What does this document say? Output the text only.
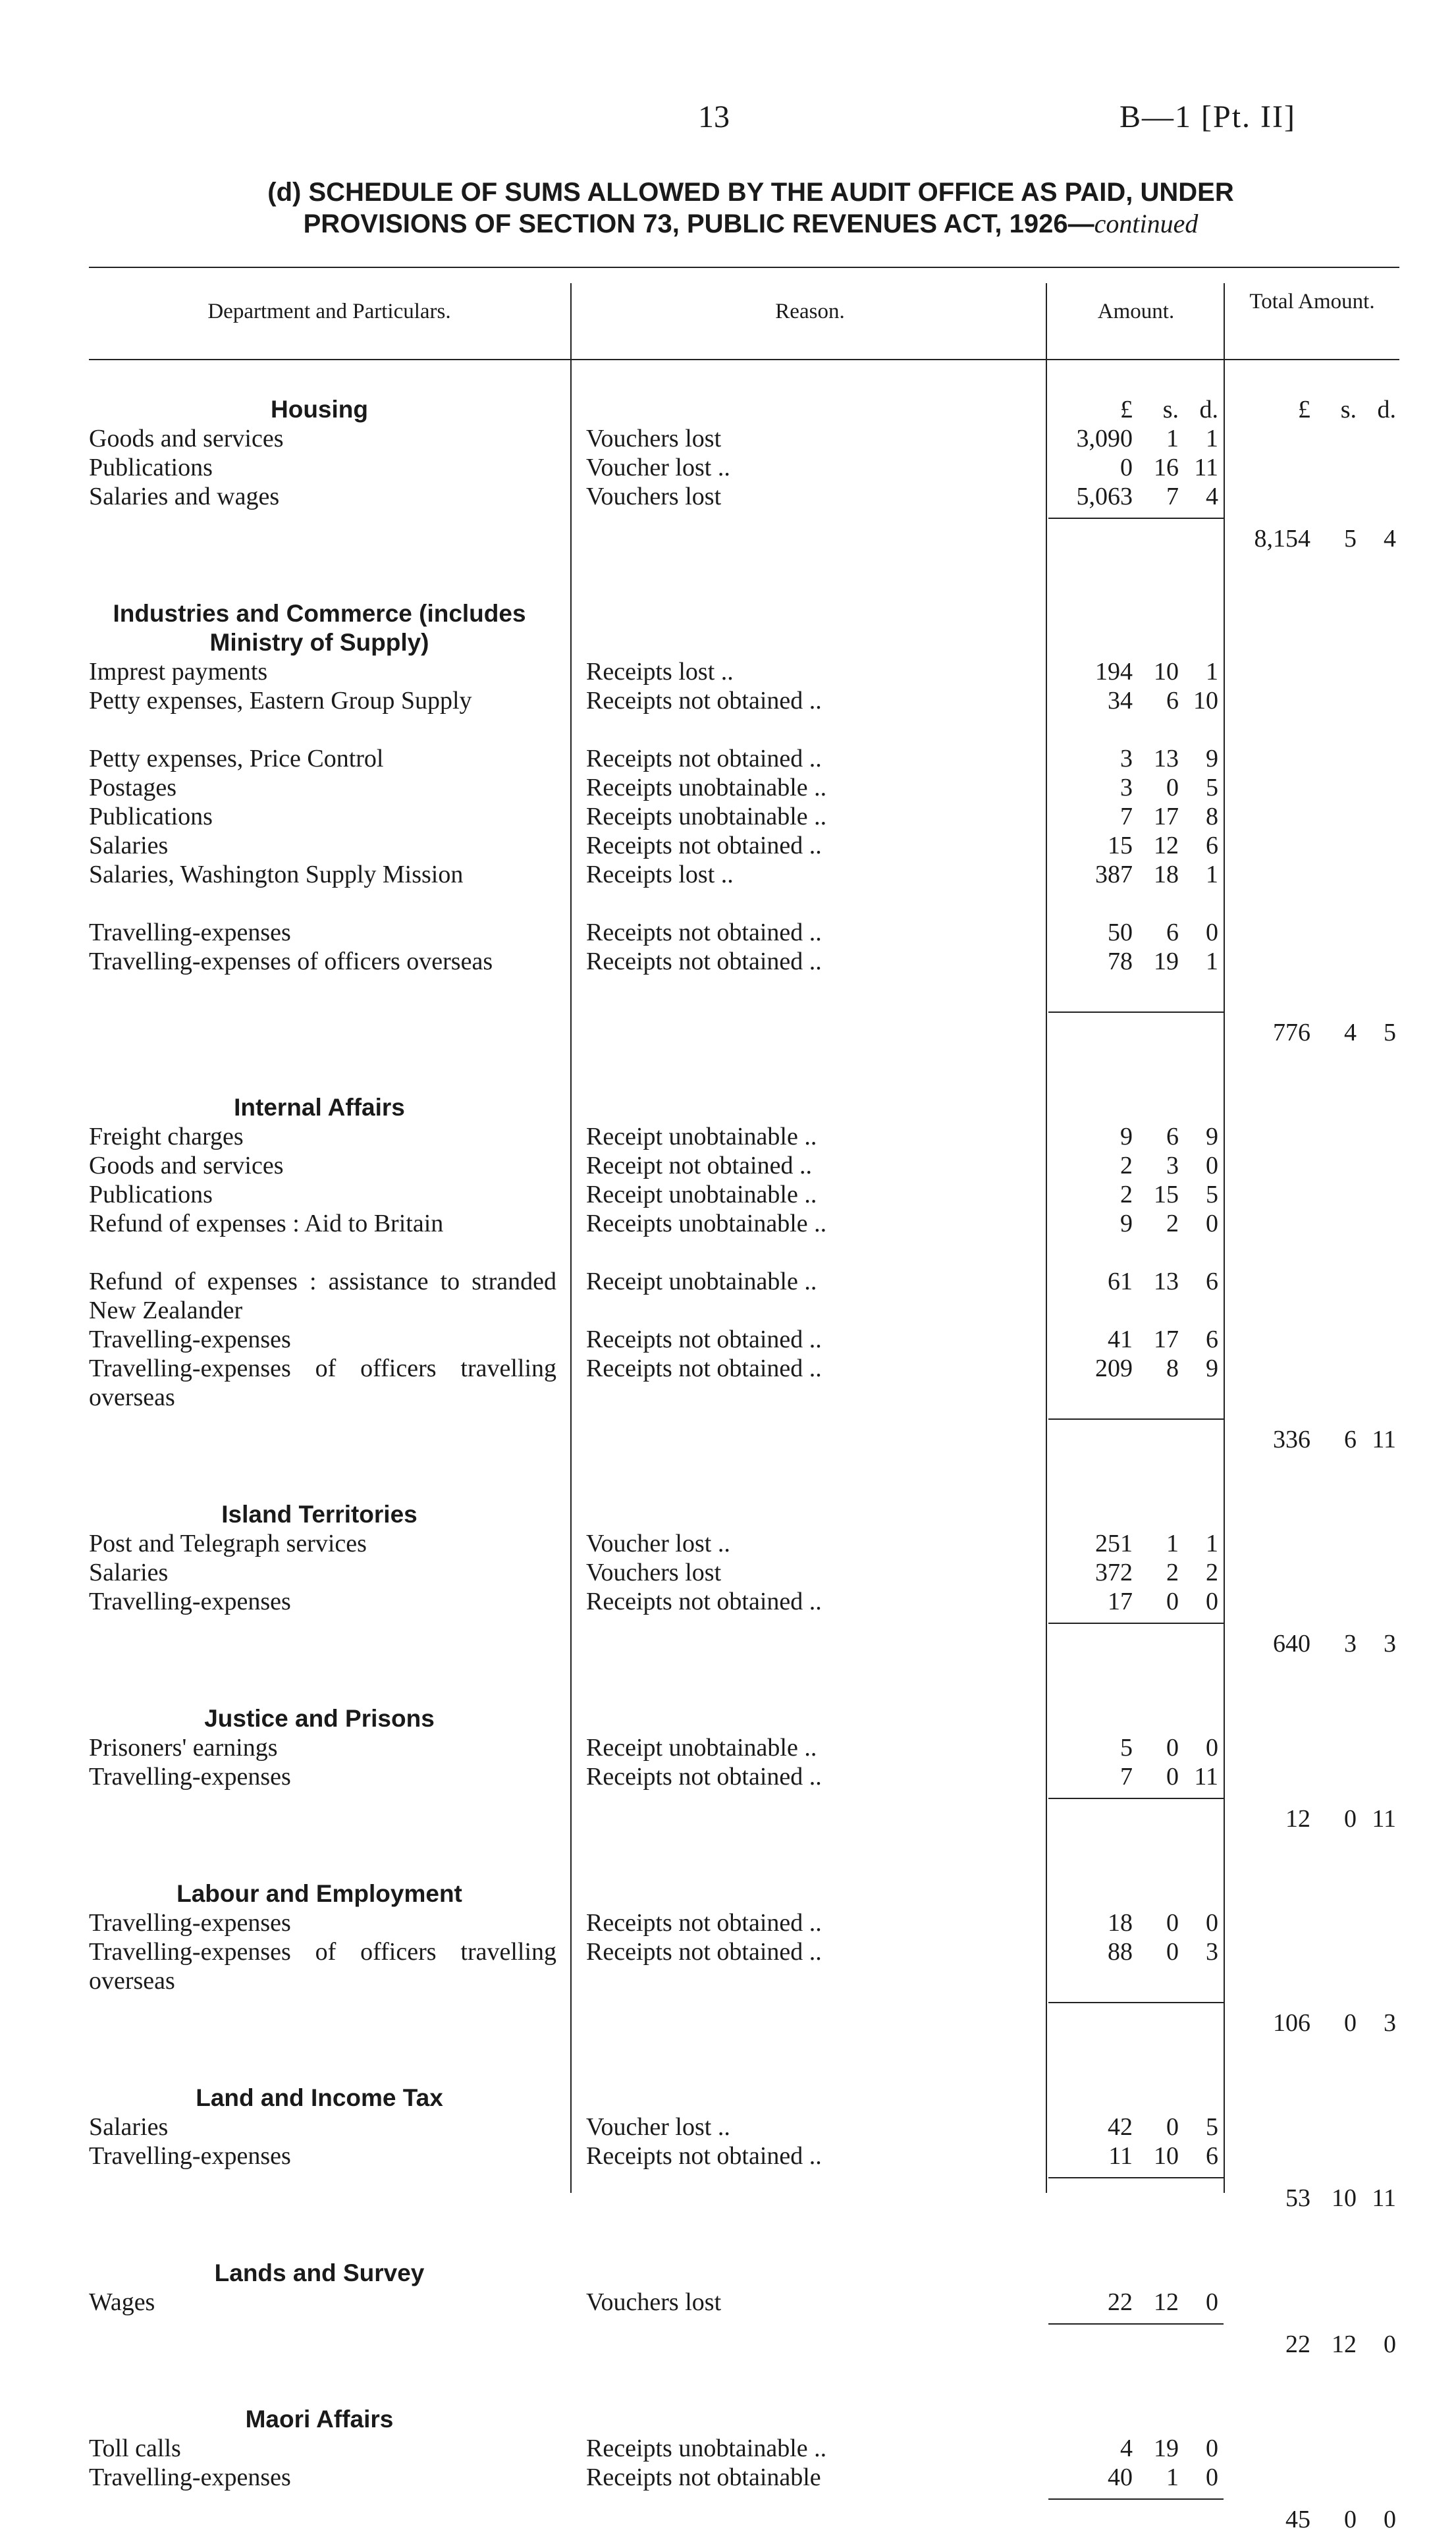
13	B—1 [Pt. II]
(d) SCHEDULE OF SUMS ALLOWED BY THE AUDIT OFFICE AS PAID, UNDER
PROVISIONS OF SECTION 73, PUBLIC REVENUES ACT, 1926—continued
Department and Particulars.	Reason.	Amount.	Total Amount.
£ s. d.	£ s. d.
Housing
Goods and services	Vouchers lost	3,090 1 1
Publications	Voucher lost ..	0 16 11
Salaries and wages	Vouchers lost	5,063 7 4
8,154 5 4
Industries and Commerce (includes Ministry of Supply)
Imprest payments	Receipts lost ..	194 10 1
Petty expenses, Eastern Group Supply	Receipts not obtained ..	34 6 10
Petty expenses, Price Control	Receipts not obtained ..	3 13 9
Postages	Receipts unobtainable ..	3 0 5
Publications	Receipts unobtainable ..	7 17 8
Salaries	Receipts not obtained ..	15 12 6
Salaries, Washington Supply Mission	Receipts lost ..	387 18 1
Travelling-expenses	Receipts not obtained ..	50 6 0
Travelling-expenses of officers overseas	Receipts not obtained ..	78 19 1
776 4 5
Internal Affairs
Freight charges	Receipt unobtainable ..	9 6 9
Goods and services	Receipt not obtained ..	2 3 0
Publications	Receipt unobtainable ..	2 15 5
Refund of expenses : Aid to Britain	Receipts unobtainable ..	9 2 0
Refund of expenses : assistance to stranded New Zealander
Receipt unobtainable ..	61 13 6
Travelling-expenses	Receipts not obtained ..	41 17 6
Travelling-expenses of officers travelling overseas
Receipts not obtained ..	209 8 9
336 6 11
Island Territories
Post and Telegraph services	Voucher lost ..	251 1 1
Salaries	Vouchers lost	372 2 2
Travelling-expenses	Receipts not obtained ..	17 0 0
640 3 3
Justice and Prisons
Prisoners' earnings	Receipt unobtainable ..	5 0 0
Travelling-expenses	Receipts not obtained ..	7 0 11
12 0 11
Labour and Employment
Travelling-expenses	Receipts not obtained ..	18 0 0
Travelling-expenses of officers travelling overseas
Receipts not obtained ..	88 0 3
106 0 3
Land and Income Tax
Salaries	Voucher lost ..	42 0 5
Travelling-expenses	Receipts not obtained ..	11 10 6
53 10 11
Lands and Survey
Wages	Vouchers lost	22 12 0
22 12 0
Maori Affairs
Toll calls	Receipts unobtainable ..	4 19 0
Travelling-expenses	Receipts not obtainable	40 1 0
45 0 0
